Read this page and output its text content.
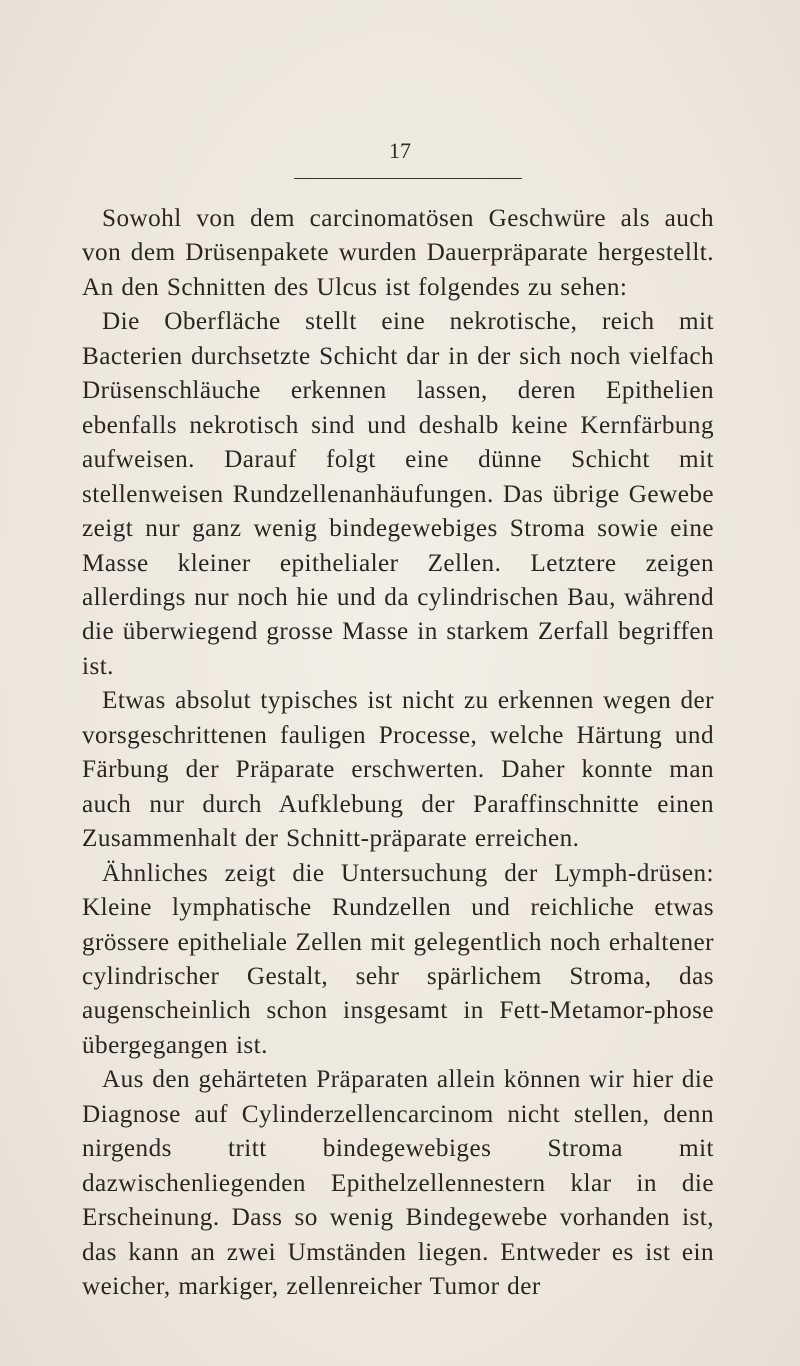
17

Sowohl von dem carcinomatösen Geschwüre als auch von dem Drüsenpakete wurden Dauerpräparate hergestellt. An den Schnitten des Ulcus ist folgendes zu sehen:

Die Oberfläche stellt eine nekrotische, reich mit Bacterien durchsetzte Schicht dar in der sich noch vielfach Drüsenschläuche erkennen lassen, deren Epithelien ebenfalls nekrotisch sind und deshalb keine Kernfärbung aufweisen. Darauf folgt eine dünne Schicht mit stellenweisen Rundzellenanhäufungen. Das übrige Gewebe zeigt nur ganz wenig bindegewebiges Stroma sowie eine Masse kleiner epithelialer Zellen. Letztere zeigen allerdings nur noch hie und da cylindrischen Bau, während die überwiegend grosse Masse in starkem Zerfall begriffen ist.

Etwas absolut typisches ist nicht zu erkennen wegen der vorsgeschrittenen fauligen Processe, welche Härtung und Färbung der Präparate erschwerten. Daher konnte man auch nur durch Aufklebung der Paraffinschnitte einen Zusammenhalt der Schnitt-präparate erreichen.

Ähnliches zeigt die Untersuchung der Lymph-drüsen: Kleine lymphatische Rundzellen und reichliche etwas grössere epitheliale Zellen mit gelegentlich noch erhaltener cylindrischer Gestalt, sehr spärlichem Stroma, das augenscheinlich schon insgesamt in Fett-Metamor-phose übergegangen ist.

Aus den gehärteten Präparaten allein können wir hier die Diagnose auf Cylinderzellencarcinom nicht stellen, denn nirgends tritt bindegewebiges Stroma mit dazwischenliegenden Epithelzellennestern klar in die Erscheinung. Dass so wenig Bindegewebe vorhanden ist, das kann an zwei Umständen liegen. Entweder es ist ein weicher, markiger, zellenreicher Tumor der
